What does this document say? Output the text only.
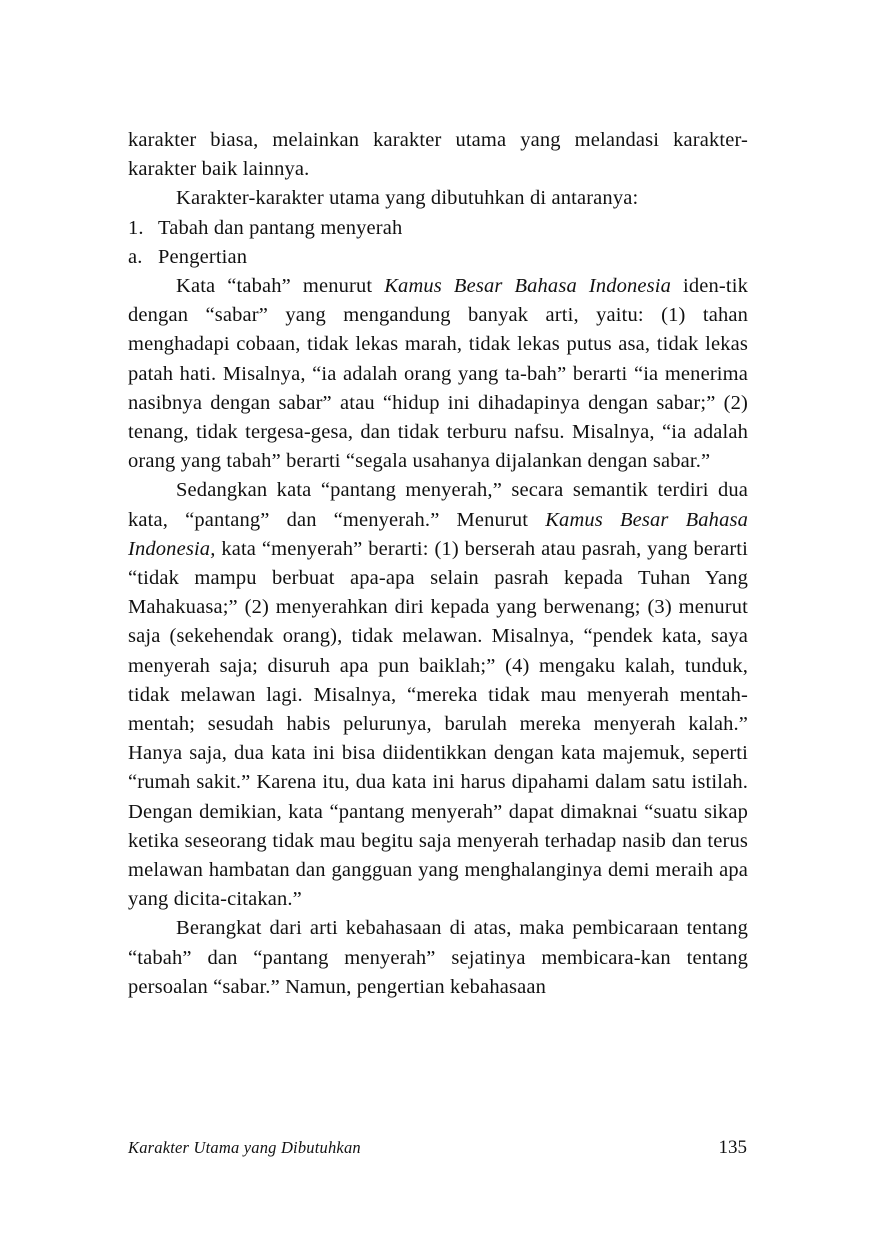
karakter biasa, melainkan karakter utama yang melandasi karakter-karakter baik lainnya.

Karakter-karakter utama yang dibutuhkan di antaranya:

1. Tabah dan pantang menyerah
a. Pengertian

Kata “tabah” menurut Kamus Besar Bahasa Indonesia iden-tik dengan “sabar” yang mengandung banyak arti, yaitu: (1) tahan menghadapi cobaan, tidak lekas marah, tidak lekas putus asa, tidak lekas patah hati. Misalnya, “ia adalah orang yang ta-bah” berarti “ia menerima nasibnya dengan sabar” atau “hidup ini dihadapinya dengan sabar;” (2) tenang, tidak tergesa-gesa, dan tidak terburu nafsu. Misalnya, “ia adalah orang yang tabah” berarti “segala usahanya dijalankan dengan sabar.”

Sedangkan kata “pantang menyerah,” secara semantik terdiri dua kata, “pantang” dan “menyerah.” Menurut Kamus Besar Bahasa Indonesia, kata “menyerah” berarti: (1) berserah atau pasrah, yang berarti “tidak mampu berbuat apa-apa selain pasrah kepada Tuhan Yang Mahakuasa;” (2) menyerahkan diri kepada yang berwenang; (3) menurut saja (sekehendak orang), tidak melawan. Misalnya, “pendek kata, saya menyerah saja; disuruh apa pun baiklah;” (4) mengaku kalah, tunduk, tidak melawan lagi. Misalnya, “mereka tidak mau menyerah mentah-mentah; sesudah habis pelurunya, barulah mereka menyerah kalah.” Hanya saja, dua kata ini bisa diidentikkan dengan kata majemuk, seperti “rumah sakit.” Karena itu, dua kata ini harus dipahami dalam satu istilah. Dengan demikian, kata “pantang menyerah” dapat dimaknai “suatu sikap ketika seseorang tidak mau begitu saja menyerah terhadap nasib dan terus melawan hambatan dan gangguan yang menghalanginya demi meraih apa yang dicita-citakan.”

Berangkat dari arti kebahasaan di atas, maka pembicaraan tentang “tabah” dan “pantang menyerah” sejatinya membicara-kan tentang persoalan “sabar.” Namun, pengertian kebahasaan

Karakter Utama yang Dibutuhkan	135
